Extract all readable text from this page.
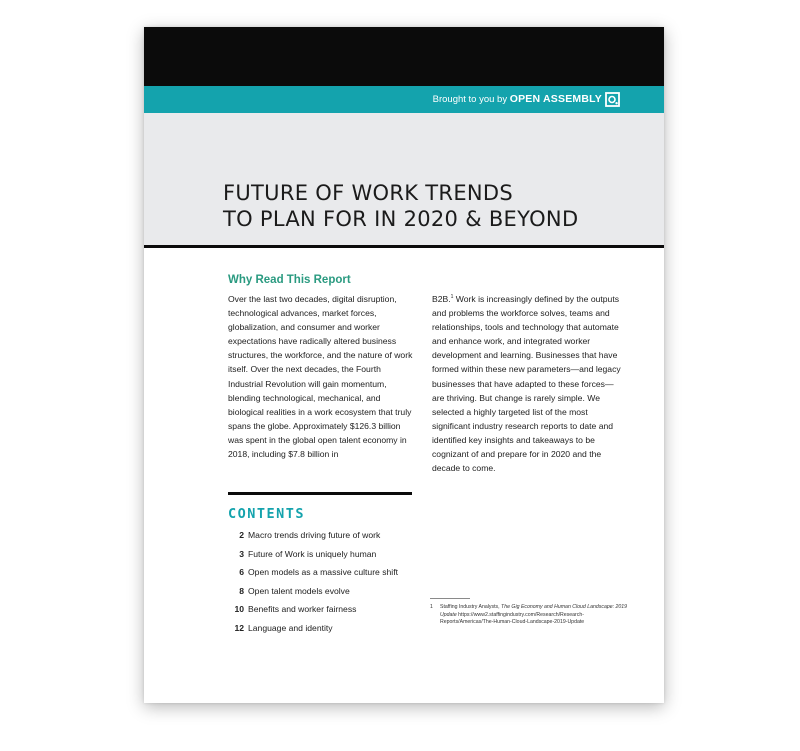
Brought to you by OPEN ASSEMBLY
FUTURE OF WORK TRENDS
TO PLAN FOR IN 2020 & BEYOND
Why Read This Report

Over the last two decades, digital disruption, technological advances, market forces, globalization, and consumer and worker expectations have radically altered business structures, the workforce, and the nature of work itself. Over the next decades, the Fourth Industrial Revolution will gain momentum, blending technological, mechanical, and biological realities in a work ecosystem that truly spans the globe. Approximately $126.3 billion was spent in the global open talent economy in 2018, including $7.8 billion in

B2B.$^1$ Work is increasingly defined by the outputs and problems the workforce solves, teams and relationships, tools and technology that automate and enhance work, and integrated worker development and learning. Businesses that have formed within these new parameters—and legacy businesses that have adapted to these forces—are thriving. But change is rarely simple. We selected a highly targeted list of the most significant industry research reports to date and identified key insights and takeaways to be cognizant of and prepare for in 2020 and the decade to come.

CONTENTS
2 Macro trends driving future of work
3 Future of Work is uniquely human
6 Open models as a massive culture shift
8 Open talent models evolve
10 Benefits and worker fairness
12 Language and identity
1 Staffing Industry Analysts, The Gig Economy and Human Cloud Landscape: 2019 Update https://www2.staffingindustry.com/Research/Research-Reports/Americas/The-Human-Cloud-Landscape-2019-Update
